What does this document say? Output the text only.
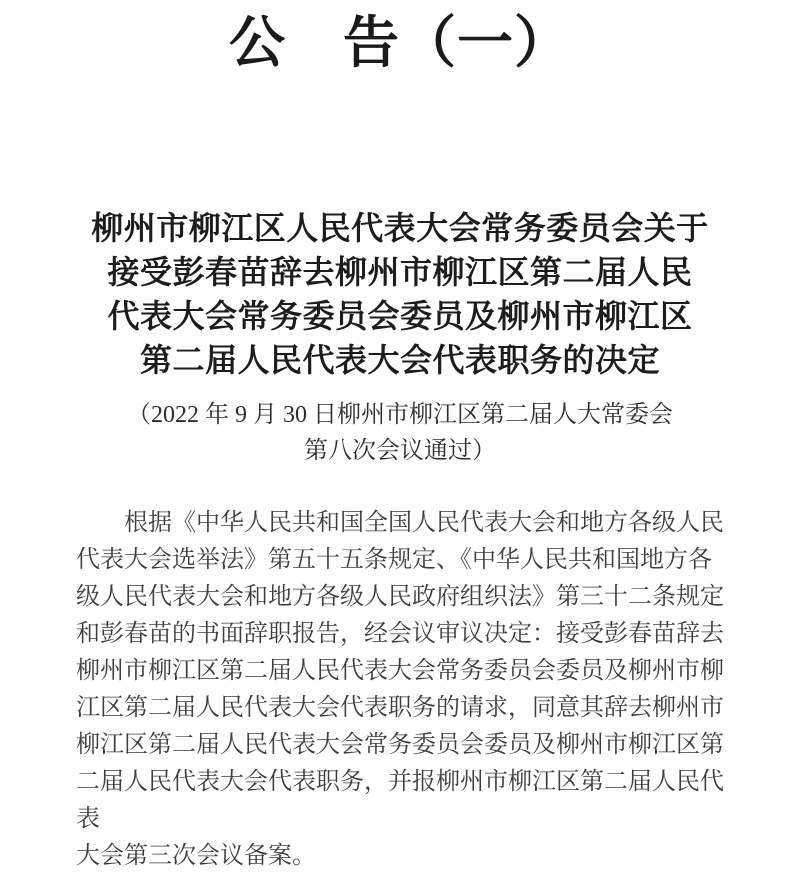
公　告（一）
柳州市柳江区人民代表大会常务委员会关于
接受彭春苗辞去柳州市柳江区第二届人民
代表大会常务委员会委员及柳州市柳江区
第二届人民代表大会代表职务的决定

（2022 年 9 月 30 日柳州市柳江区第二届人大常委会
第八次会议通过）

　　根据《中华人民共和国全国人民代表大会和地方各级人民
代表大会选举法》第五十五条规定、《中华人民共和国地方各
级人民代表大会和地方各级人民政府组织法》第三十二条规定
和彭春苗的书面辞职报告，经会议审议决定：接受彭春苗辞去
柳州市柳江区第二届人民代表大会常务委员会委员及柳州市柳
江区第二届人民代表大会代表职务的请求，同意其辞去柳州市
柳江区第二届人民代表大会常务委员会委员及柳州市柳江区第
二届人民代表大会代表职务，并报柳州市柳江区第二届人民代表
大会第三次会议备案。
